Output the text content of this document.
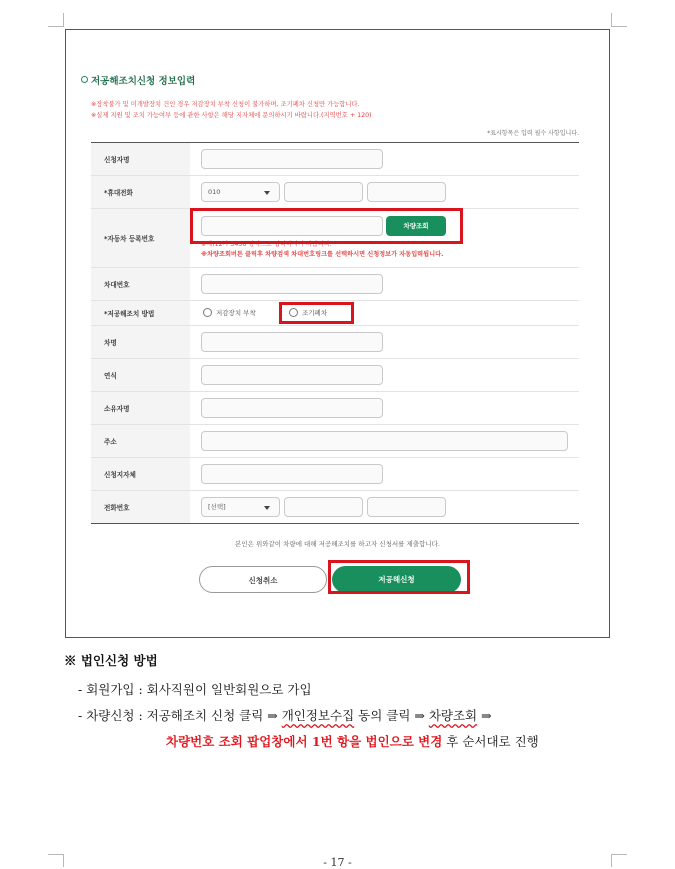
저공해조치신청 정보입력
※장착불가 및 미개발장치 건인 경우 저감장치 부착 신청이 불가하며, 조기폐차 신청만 가능합니다.
※실제 지원 및 조치 가능여부 등에 관한 사항은 해당 지자체에 문의하시기 바랍니다.(지역번호 + 120)
*표시항목은 입력 필수 사항입니다.
신청자명
*휴대전화	010
*자동차 등록번호
차량조회
※예)12가 3456 형식으로 입력하시기 바랍니다.
※차량조회버튼 클릭후 차량검색 차대번호링크를 선택하시면 신청정보가 자동입력됩니다.
차대번호
*저공해조치 방법	저감장치 부착	조기폐차
차명
연식
소유자명
주소
신청지자체
전화번호	[선택]
본인은 위와같이 차량에 대해 저공해조치를 하고자 신청서를 제출합니다.
신청취소	저공해신청
※ 법인신청 방법
- 회원가입 : 회사직원이 일반회원으로 가입
- 차량신청 : 저공해조치 신청 클릭 ⇒ 개인정보수집 동의 클릭 ⇒ 차량조회 ⇒
차량번호 조회 팝업창에서 1번 항을 법인으로 변경 후 순서대로 진행
- 17 -
